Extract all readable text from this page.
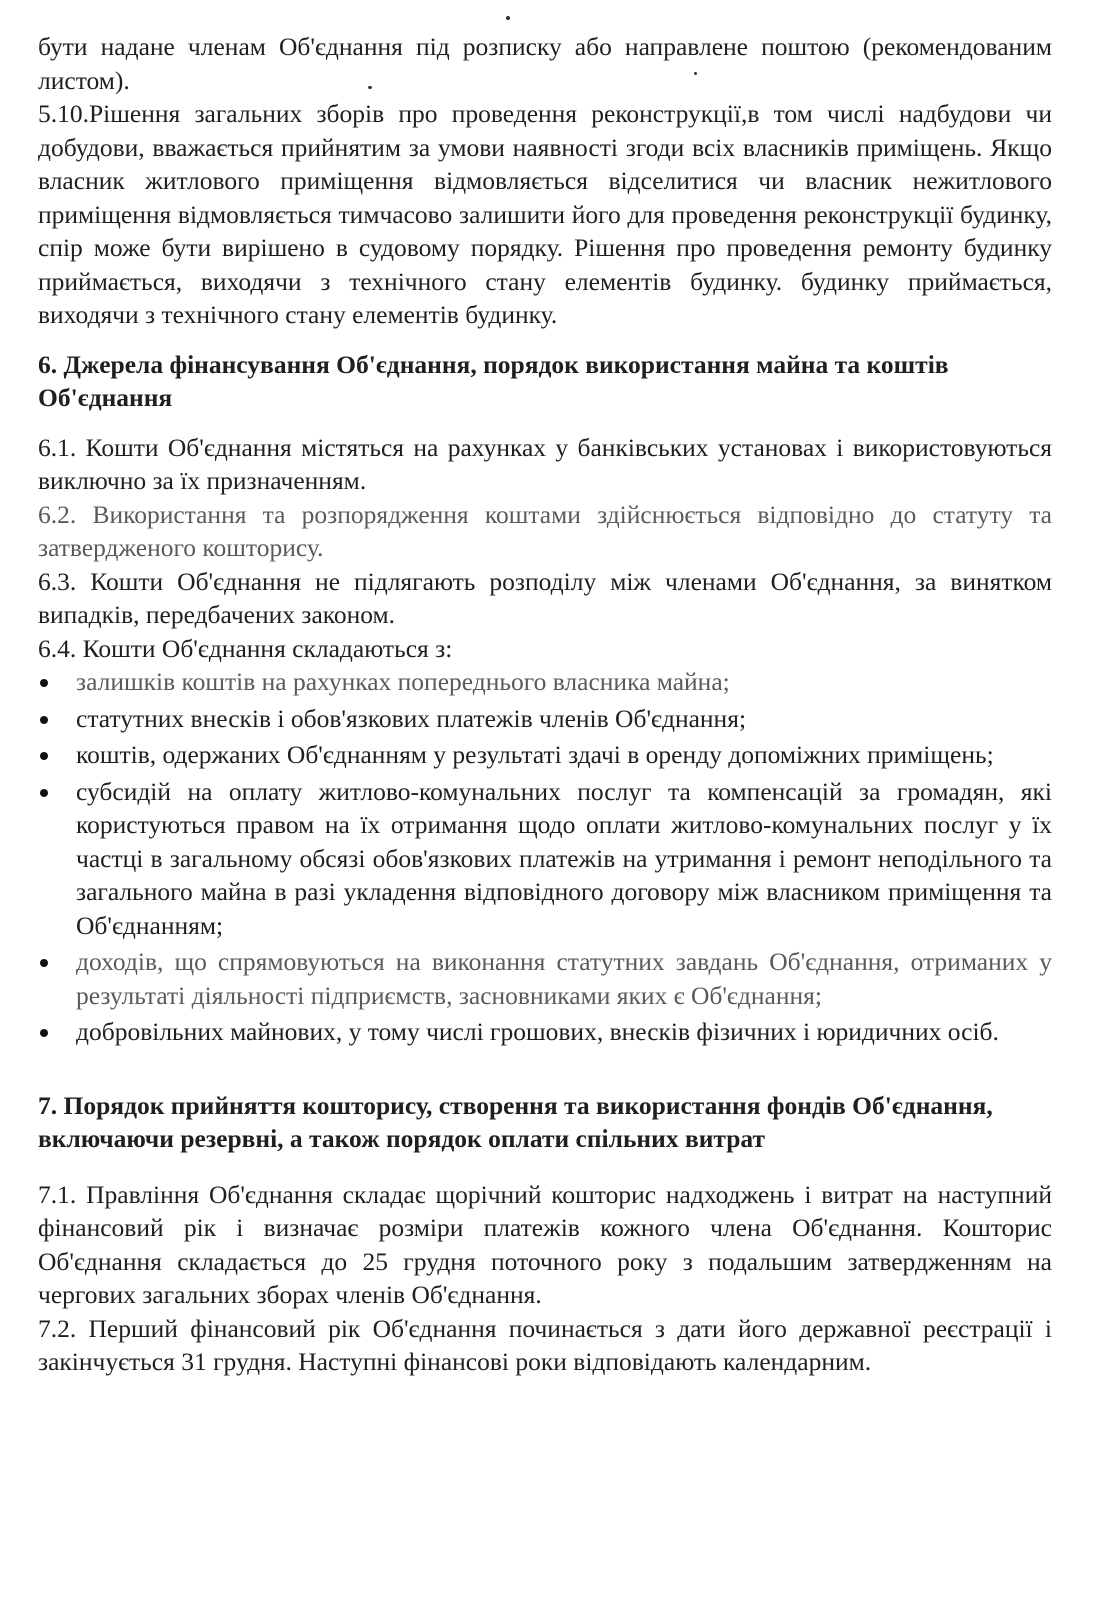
бути надане членам Об'єднання під розписку або направлене поштою (рекомендованим листом).

5.10.Рішення загальних зборів про проведення реконструкції,в том числі надбудови чи добудови, вважається прийнятим за умови наявності згоди всіх власників приміщень. Якщо власник житлового приміщення відмовляється відселитися чи власник нежитлового приміщення відмовляється тимчасово залишити його для проведення реконструкції будинку, спір може бути вирішено в судовому порядку. Рішення про проведення ремонту будинку приймається, виходячи з технічного стану елементів будинку. будинку приймається, виходячи з технічного стану елементів будинку.

6. Джерела фінансування Об'єднання, порядок використання майна та коштів Об'єднання

6.1. Кошти Об'єднання містяться на рахунках у банківських установах і використовуються виключно за їх призначенням.

6.2. Використання та розпорядження коштами здійснюється відповідно до статуту та затвердженого кошторису.

6.3. Кошти Об'єднання не підлягають розподілу між членами Об'єднання, за винятком випадків, передбачених законом.

6.4. Кошти Об'єднання складаються з:

залишків коштів на рахунках попереднього власника майна;
статутних внесків і обов'язкових платежів членів Об'єднання;
коштів, одержаних Об'єднанням у результаті здачі в оренду допоміжних приміщень;
субсидій на оплату житлово-комунальних послуг та компенсацій за громадян, які користуються правом на їх отримання щодо оплати житлово-комунальних послуг у їх частці в загальному обсязі обов'язкових платежів на утримання і ремонт неподільного та загального майна в разі укладення відповідного договору між власником приміщення та Об'єднанням;
доходів, що спрямовуються на виконання статутних завдань Об'єднання, отриманих у результаті діяльності підприємств, засновниками яких є Об'єднання;
добровільних майнових, у тому числі грошових, внесків фізичних і юридичних осіб.

7. Порядок прийняття кошторису, створення та використання фондів Об'єднання, включаючи резервні, а також порядок оплати спільних витрат

7.1. Правління Об'єднання складає щорічний кошторис надходжень і витрат на наступний фінансовий рік і визначає розміри платежів кожного члена Об'єднання. Кошторис Об'єднання складається до 25 грудня поточного року з подальшим затвердженням на чергових загальних зборах членів Об'єднання.

7.2. Перший фінансовий рік Об'єднання починається з дати його державної реєстрації і закінчується 31 грудня. Наступні фінансові роки відповідають календарним.
